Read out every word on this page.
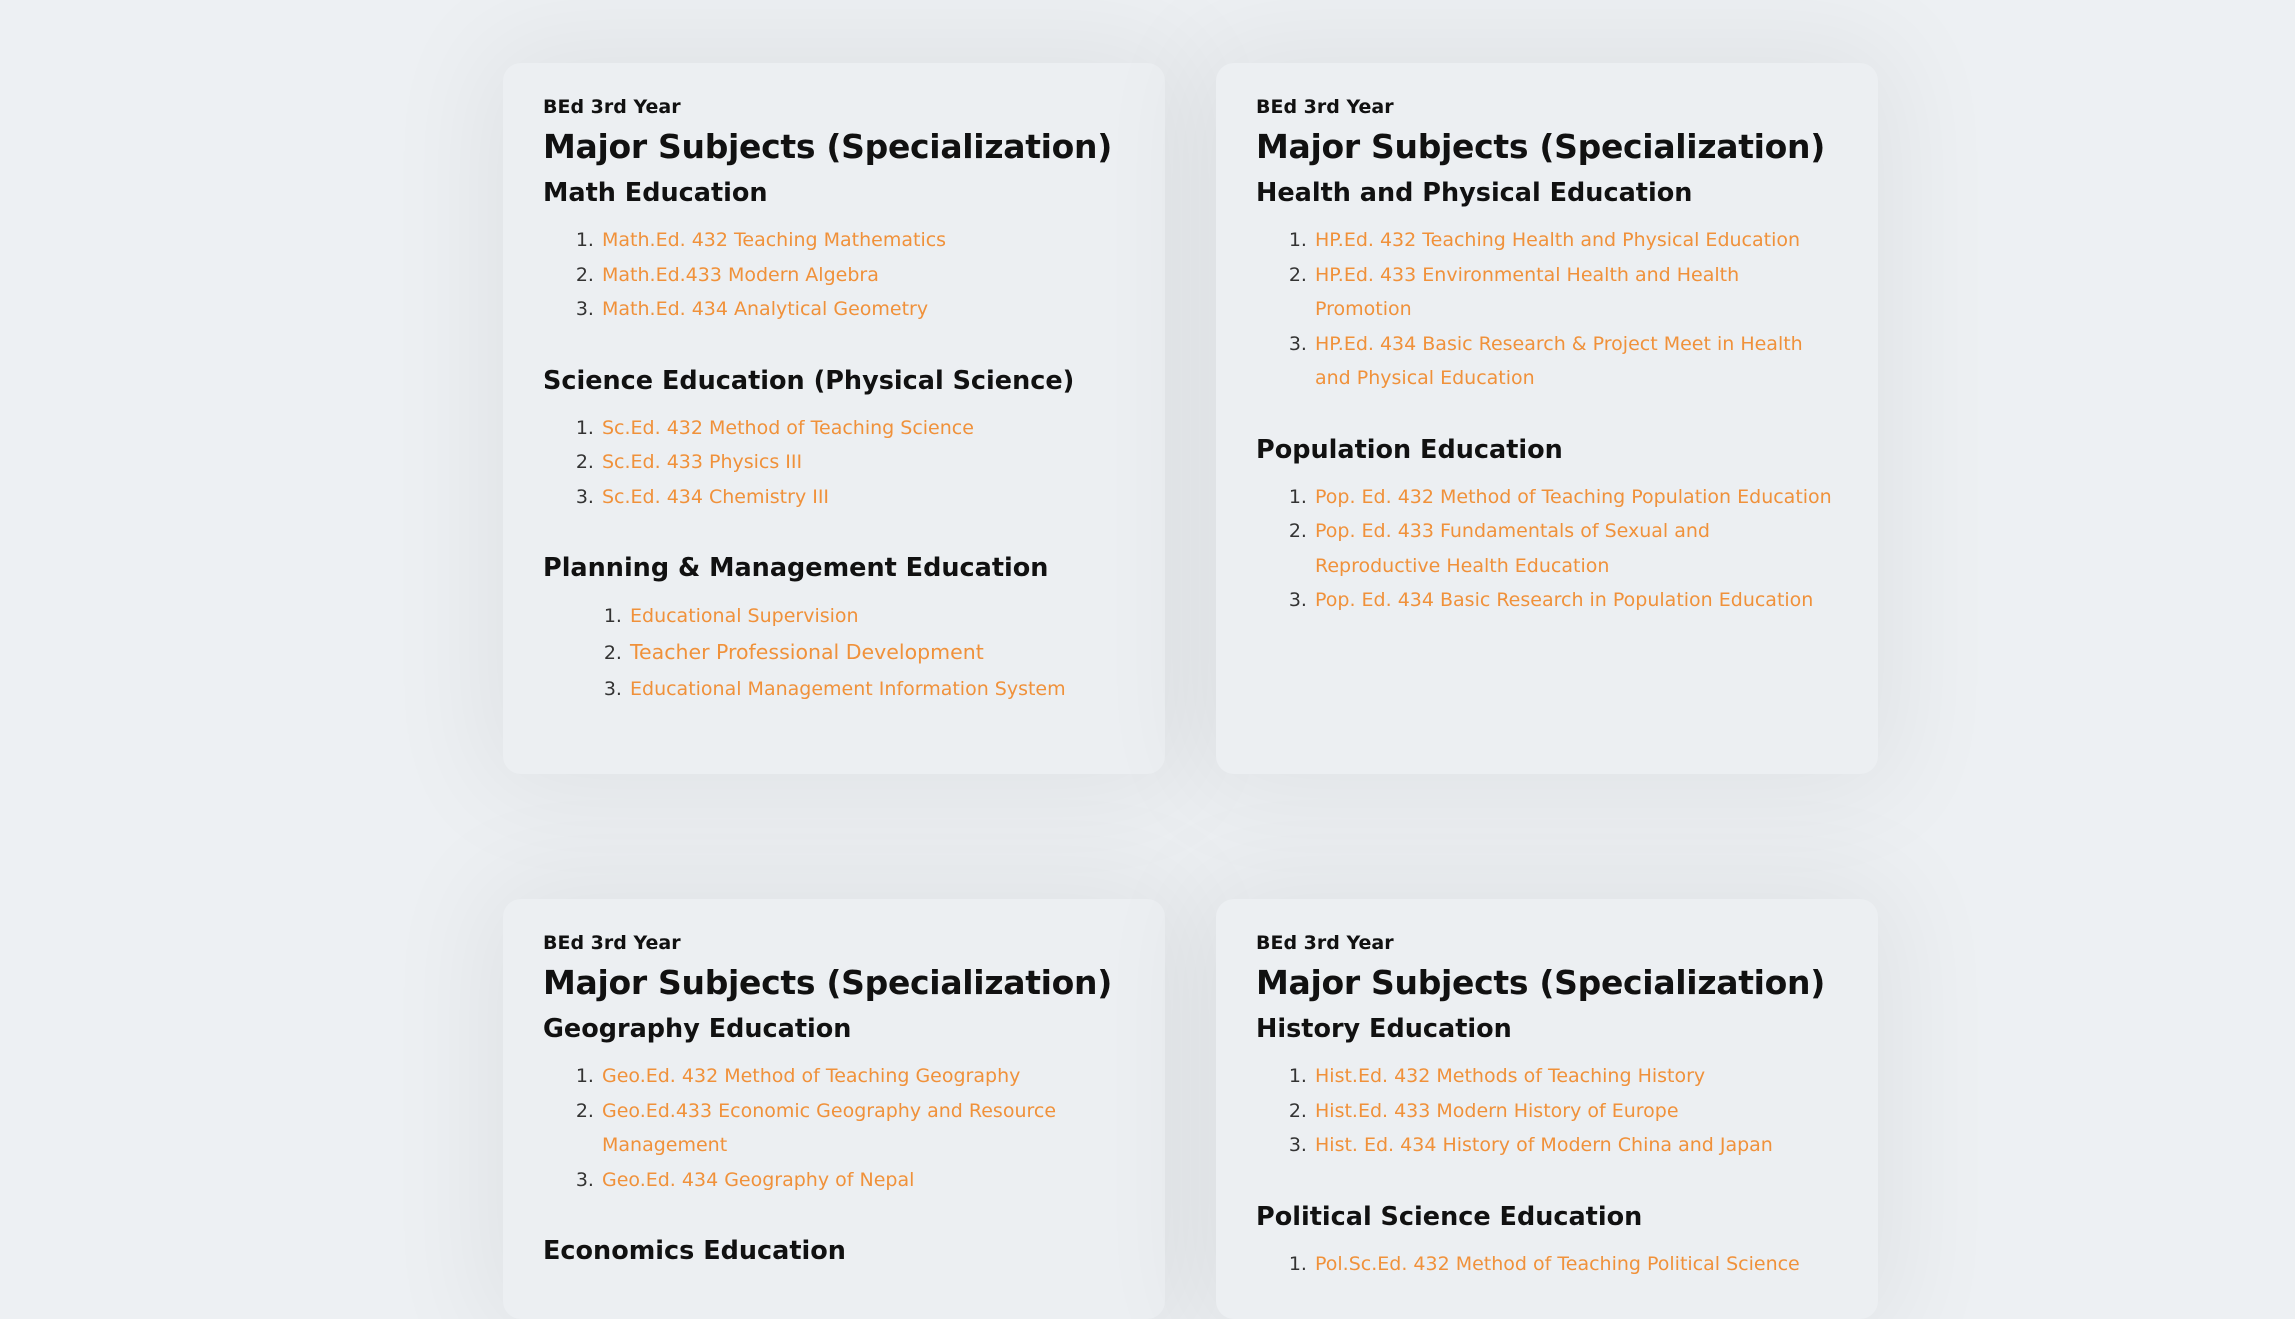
BEd 3rd Year

Major Subjects (Specialization)
Math Education
1. Math.Ed. 432 Teaching Mathematics
2. Math.Ed.433 Modern Algebra
3. Math.Ed. 434 Analytical Geometry
Science Education (Physical Science)
1. Sc.Ed. 432 Method of Teaching Science
2. Sc.Ed. 433 Physics III
3. Sc.Ed. 434 Chemistry III
Planning & Management Education
1. Educational Supervision
2. Teacher Professional Development
3. Educational Management Information System

BEd 3rd Year

Major Subjects (Specialization)
Health and Physical Education
1. HP.Ed. 432 Teaching Health and Physical Education
2. HP.Ed. 433 Environmental Health and Health Promotion
3. HP.Ed. 434 Basic Research & Project Meet in Health and Physical Education
Population Education
1. Pop. Ed. 432 Method of Teaching Population Education
2. Pop. Ed. 433 Fundamentals of Sexual and Reproductive Health Education
3. Pop. Ed. 434 Basic Research in Population Education

BEd 3rd Year

Major Subjects (Specialization)
Geography Education
1. Geo.Ed. 432 Method of Teaching Geography
2. Geo.Ed.433 Economic Geography and Resource Management
3. Geo.Ed. 434 Geography of Nepal
Economics Education

BEd 3rd Year

Major Subjects (Specialization)
History Education
1. Hist.Ed. 432 Methods of Teaching History
2. Hist.Ed. 433 Modern History of Europe
3. Hist. Ed. 434 History of Modern China and Japan
Political Science Education
1. Pol.Sc.Ed. 432 Method of Teaching Political Science
